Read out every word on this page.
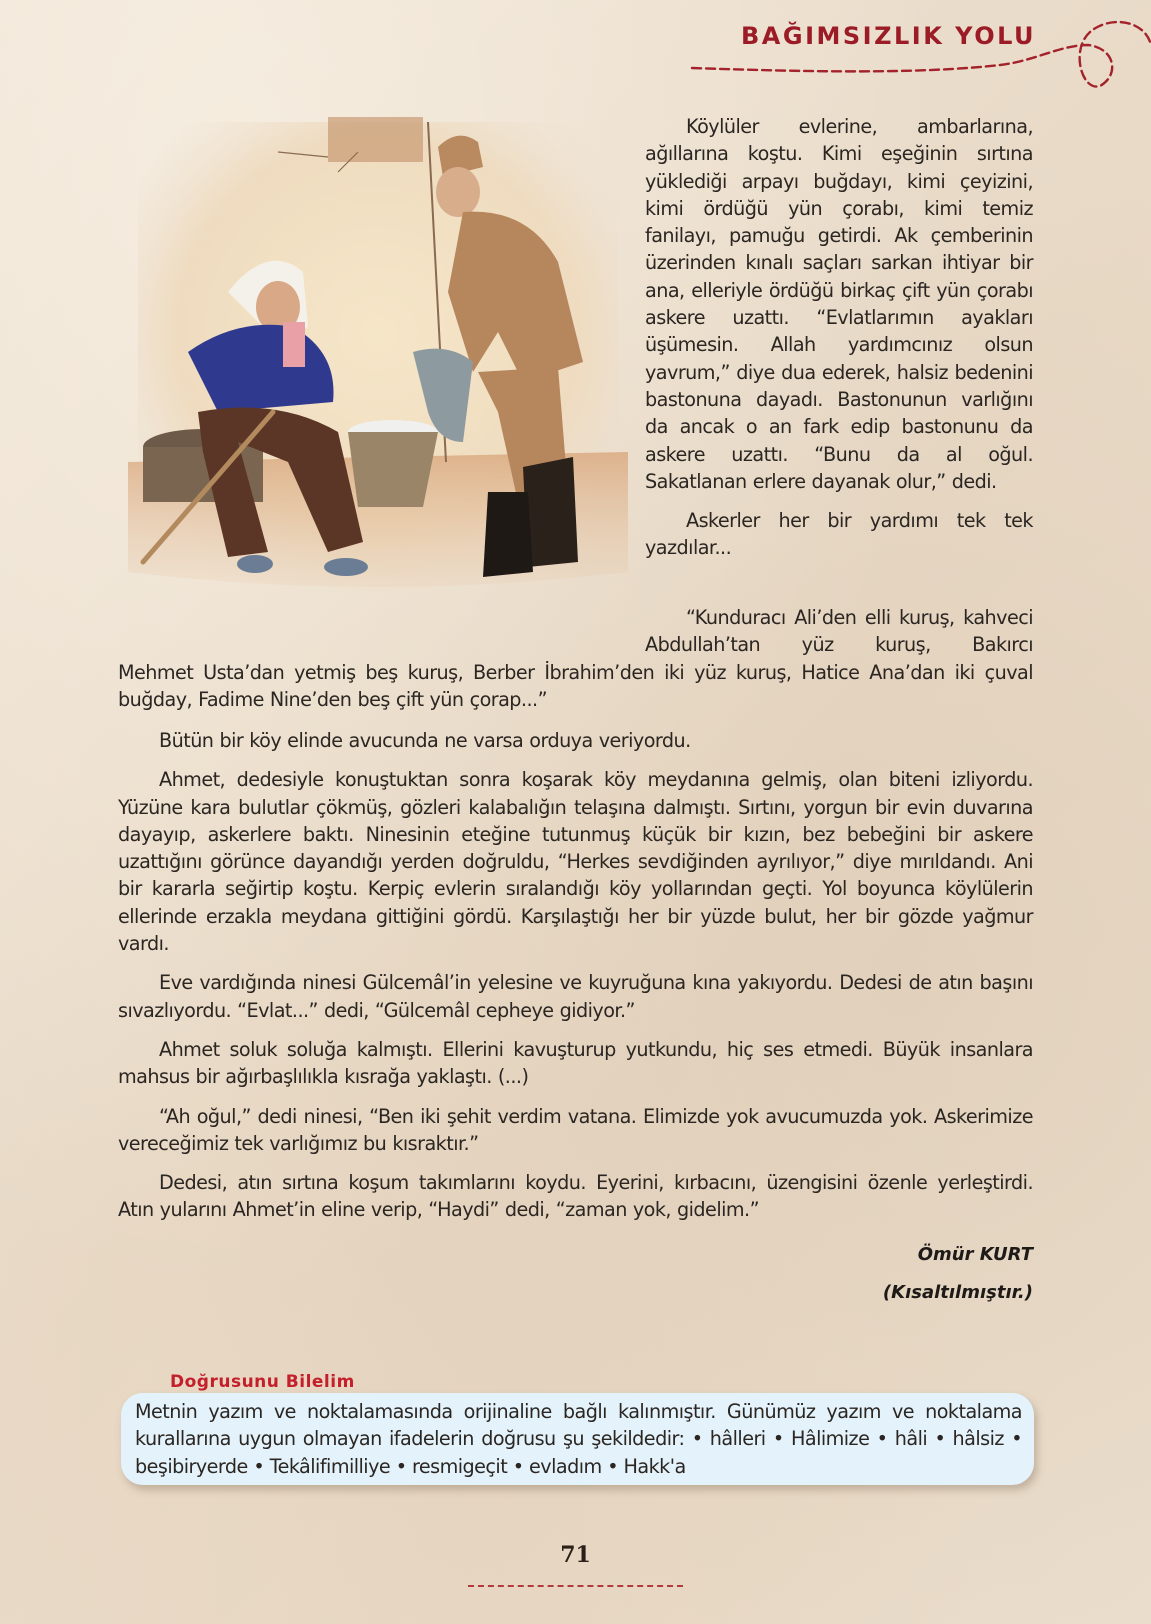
BAĞIMSIZLIK YOLU

Köylüler evlerine, ambarlarına, ağıllarına koştu. Kimi eşeğinin sırtına yüklediği arpayı buğdayı, kimi çeyizini, kimi ördüğü yün çorabı, kimi temiz fanilayı, pamuğu getirdi. Ak çemberinin üzerinden kınalı saçları sarkan ihtiyar bir ana, elleriyle ördüğü birkaç çift yün çorabı askere uzattı. “Evlatlarımın ayakları üşümesin. Allah yardımcınız olsun yavrum,” diye dua ederek, halsiz bedenini bastonuna dayadı. Bastonunun varlığını da ancak o an fark edip bastonunu da askere uzattı. “Bunu da al oğul. Sakatlanan erlere dayanak olur,” dedi.

Askerler her bir yardımı tek tek yazdılar...

“Kunduracı Ali’den elli kuruş, kahveci Abdullah’tan yüz kuruş, Bakırcı

Mehmet Usta’dan yetmiş beş kuruş, Berber İbrahim’den iki yüz kuruş, Hatice Ana’dan iki çuval buğday, Fadime Nine’den beş çift yün çorap...”

Bütün bir köy elinde avucunda ne varsa orduya veriyordu.

Ahmet, dedesiyle konuştuktan sonra koşarak köy meydanına gelmiş, olan biteni izliyordu. Yüzüne kara bulutlar çökmüş, gözleri kalabalığın telaşına dalmıştı. Sırtını, yorgun bir evin duvarına dayayıp, askerlere baktı. Ninesinin eteğine tutunmuş küçük bir kızın, bez bebeğini bir askere uzattığını görünce dayandığı yerden doğruldu, “Herkes sevdiğinden ayrılıyor,” diye mırıldandı. Ani bir kararla seğirtip koştu. Kerpiç evlerin sıralandığı köy yollarından geçti. Yol boyunca köylülerin ellerinde erzakla meydana gittiğini gördü. Karşılaştığı her bir yüzde bulut, her bir gözde yağmur vardı.

Eve vardığında ninesi Gülcemâl’in yelesine ve kuyruğuna kına yakıyordu. Dedesi de atın başını sıvazlıyordu. “Evlat...” dedi, “Gülcemâl cepheye gidiyor.”

Ahmet soluk soluğa kalmıştı. Ellerini kavuşturup yutkundu, hiç ses etmedi. Büyük insanlara mahsus bir ağırbaşlılıkla kısrağa yaklaştı. (...)

“Ah oğul,” dedi ninesi, “Ben iki şehit verdim vatana. Elimizde yok avucumuzda yok. Askerimize vereceğimiz tek varlığımız bu kısraktır.”

Dedesi, atın sırtına koşum takımlarını koydu. Eyerini, kırbacını, üzengisini özenle yerleştirdi. Atın yularını Ahmet’in eline verip, “Haydi” dedi, “zaman yok, gidelim.”

Ömür KURT
(Kısaltılmıştır.)
Doğrusunu Bilelim
Metnin yazım ve noktalamasında orijinaline bağlı kalınmıştır. Günümüz yazım ve noktalama kurallarına uygun olmayan ifadelerin doğrusu şu şekildedir: • hâlleri • Hâlimize • hâli • hâlsiz • beşibiryerde • Tekâlifimilliye • resmigeçit • evladım • Hakk'a
71
